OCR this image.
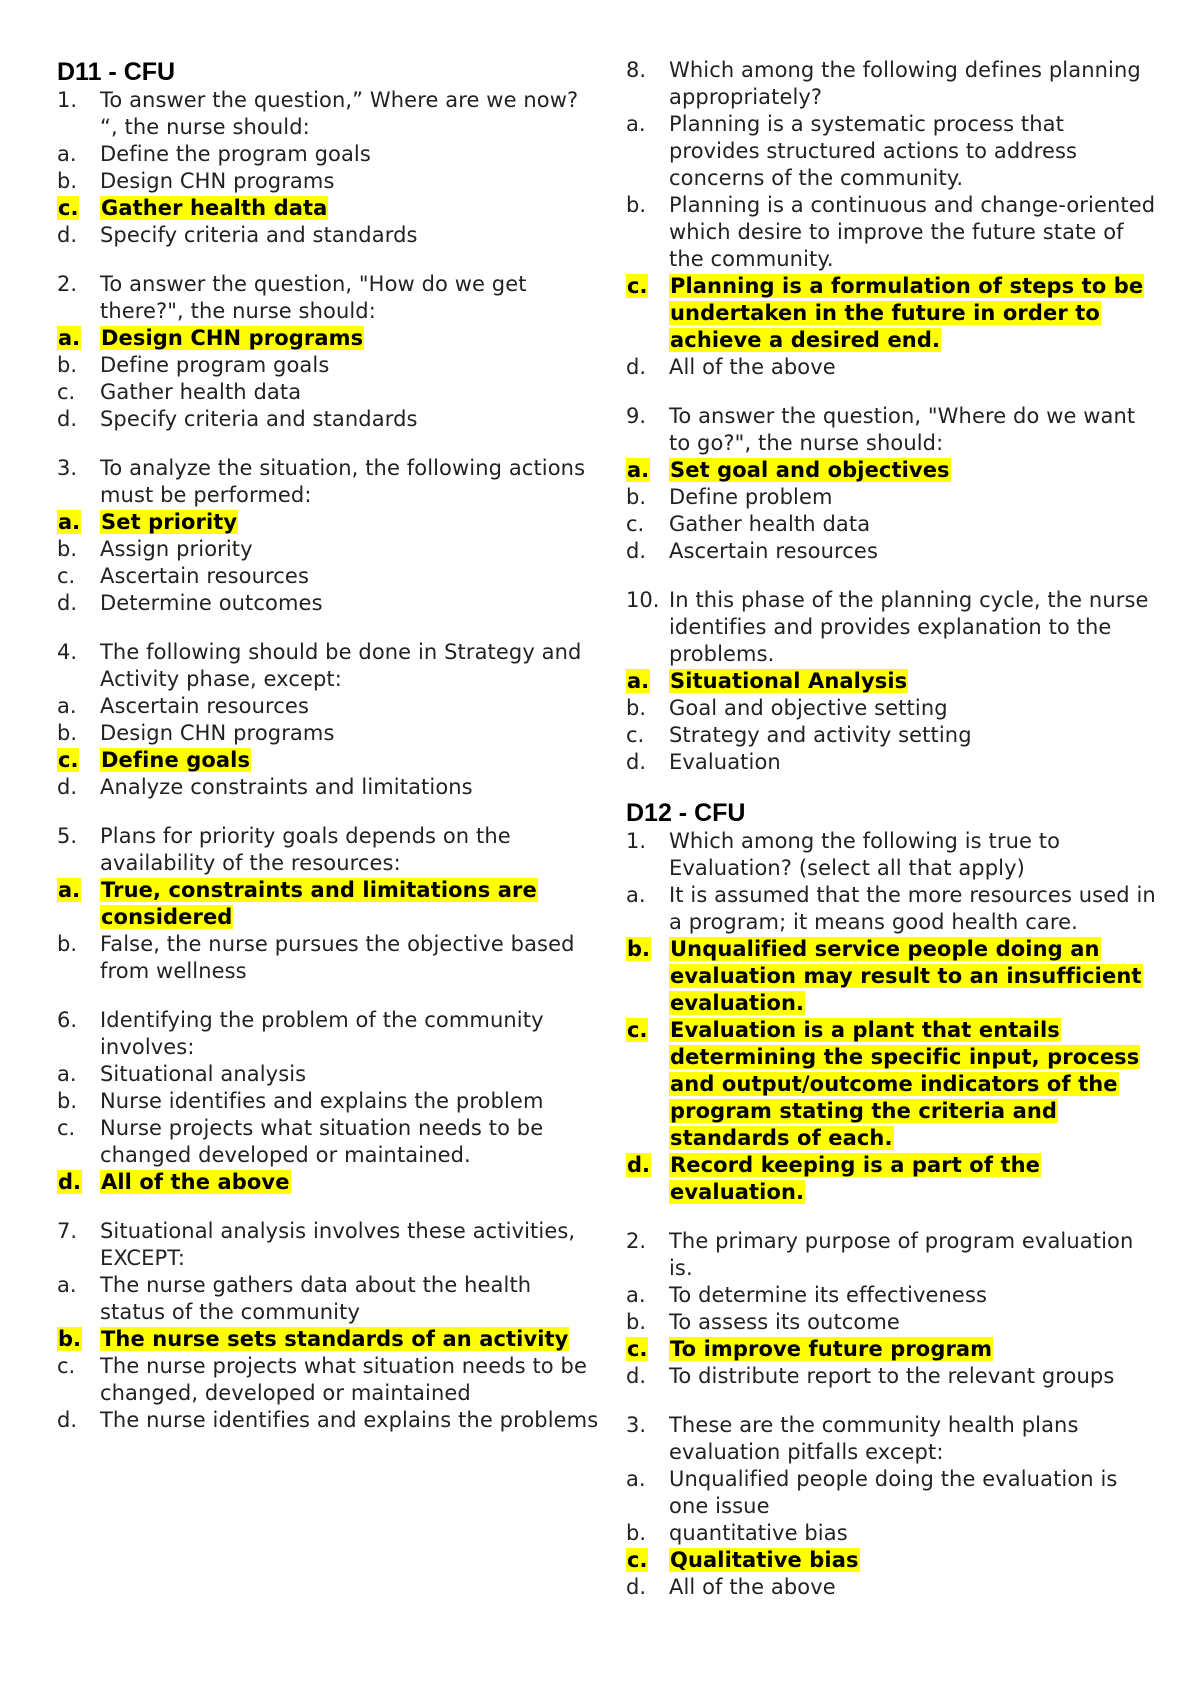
D11 - CFU
1.	To answer the question,” Where are we now? “, the nurse should:
a.	Define the program goals
b.	Design CHN programs
c.	Gather health data
d.	Specify criteria and standards
2.	To answer the question, "How do we get there?", the nurse should:
a. Design CHN programs
b.	Define program goals
c.	Gather health data
d.	Specify criteria and standards
3.	To analyze the situation, the following actions must be performed:
a. Set priority
b.	Assign priority
c.	Ascertain resources
d.	Determine outcomes
4.	The following should be done in Strategy and Activity phase, except:
a.	Ascertain resources
b.	Design CHN programs
c.	Define goals
d.	Analyze constraints and limitations
5.	Plans for priority goals depends on the availability of the resources:
a. True, constraints and limitations are considered
b.	False, the nurse pursues the objective based from wellness
6.	Identifying the problem of the community involves:
a.	Situational analysis
b.	Nurse identifies and explains the problem
c.	Nurse projects what situation needs to be changed developed or maintained.
d. All of the above
7.	Situational analysis involves these activities, EXCEPT:
a.	The nurse gathers data about the health status of the community
b. The nurse sets standards of an activity
c.	The nurse projects what situation needs to be changed, developed or maintained
d.	The nurse identifies and explains the problems
8.	Which among the following defines planning appropriately?
a.	Planning is a systematic process that provides structured actions to address concerns of the community.
b.	Planning is a continuous and change-oriented which desire to improve the future state of the community.
c.	Planning is a formulation of steps to be undertaken in the future in order to achieve a desired end.
d.	All of the above
9.	To answer the question, "Where do we want to go?", the nurse should:
a. Set goal and objectives
b.	Define problem
c.	Gather health data
d.	Ascertain resources
10. In this phase of the planning cycle, the nurse identifies and provides explanation to the problems.
a. Situational Analysis
b.	Goal and objective setting
c.	Strategy and activity setting
d.	Evaluation
D12 - CFU
1.	Which among the following is true to Evaluation? (select all that apply)
a.	It is assumed that the more resources used in a program; it means good health care.
b. Unqualified service people doing an evaluation may result to an insufficient evaluation.
c.	Evaluation is a plant that entails determining the specific input, process and output/outcome indicators of the program stating the criteria and standards of each.
d. Record keeping is a part of the evaluation.
2.	The primary purpose of program evaluation is.
a.	To determine its effectiveness
b.	To assess its outcome
c.	To improve future program
d.	To distribute report to the relevant groups
3.	These are the community health plans evaluation pitfalls except:
a.	Unqualified people doing the evaluation is one issue
b.	quantitative bias
c.	Qualitative bias
d.	All of the above
